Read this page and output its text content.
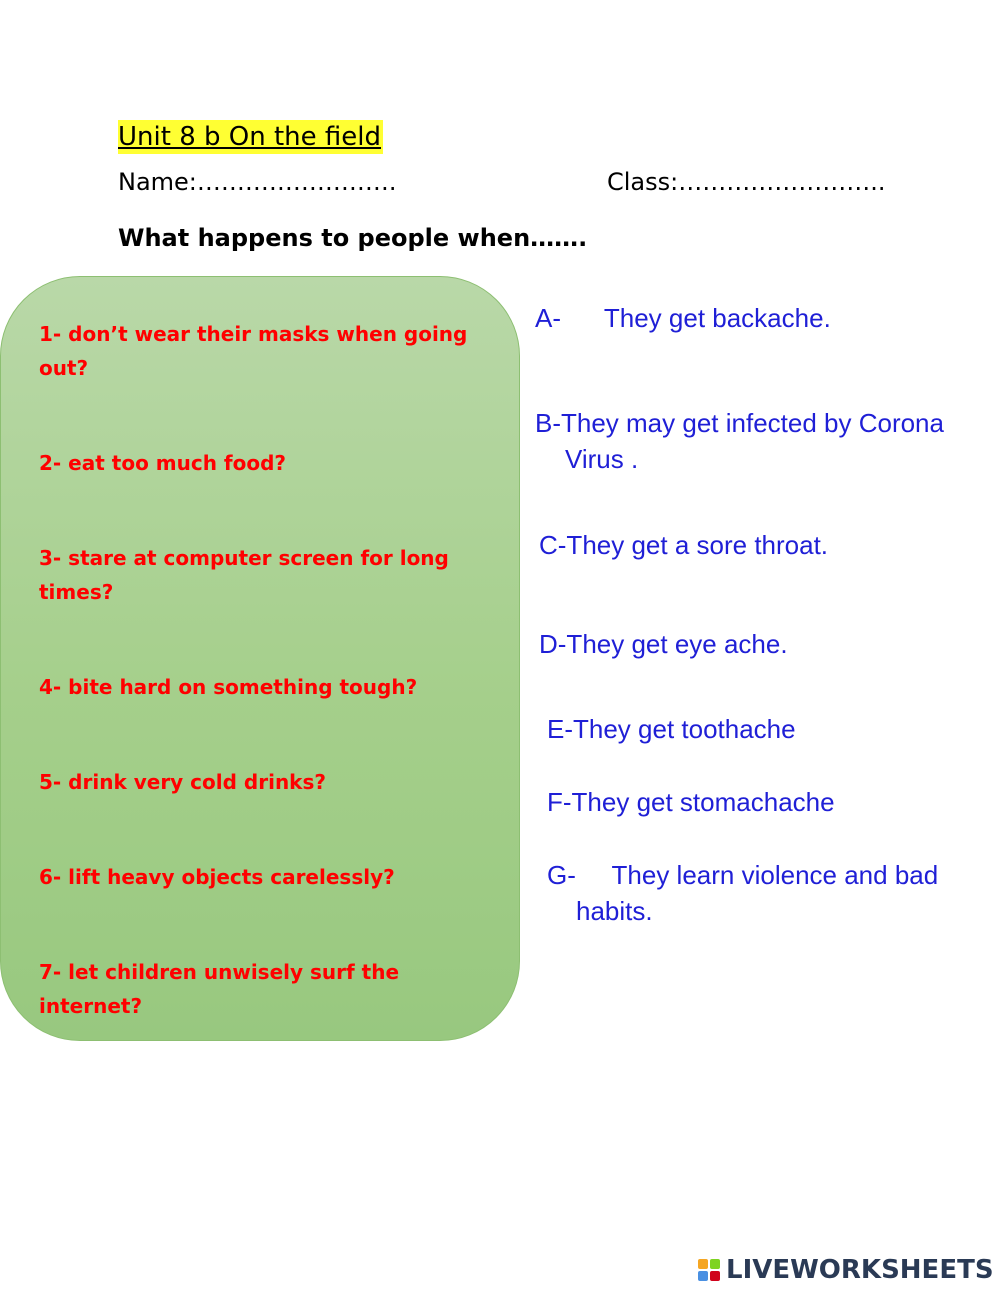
Unit 8 b On the field
Name:…………………….	Class:……………………..
What happens to people when…….
1- don’t wear their masks when going out?
2- eat too much food?
3- stare at computer screen for long times?
4- bite hard on something tough?
5- drink very cold drinks?
6- lift heavy objects carelessly?
7- let children unwisely surf the internet?
A-      They get backache.
B-They may get infected by Corona
Virus .
C-They get a sore throat.
D-They get eye ache.
E-They get toothache
F-They get stomachache
G-     They learn violence and bad
habits.
LIVEWORKSHEETS
